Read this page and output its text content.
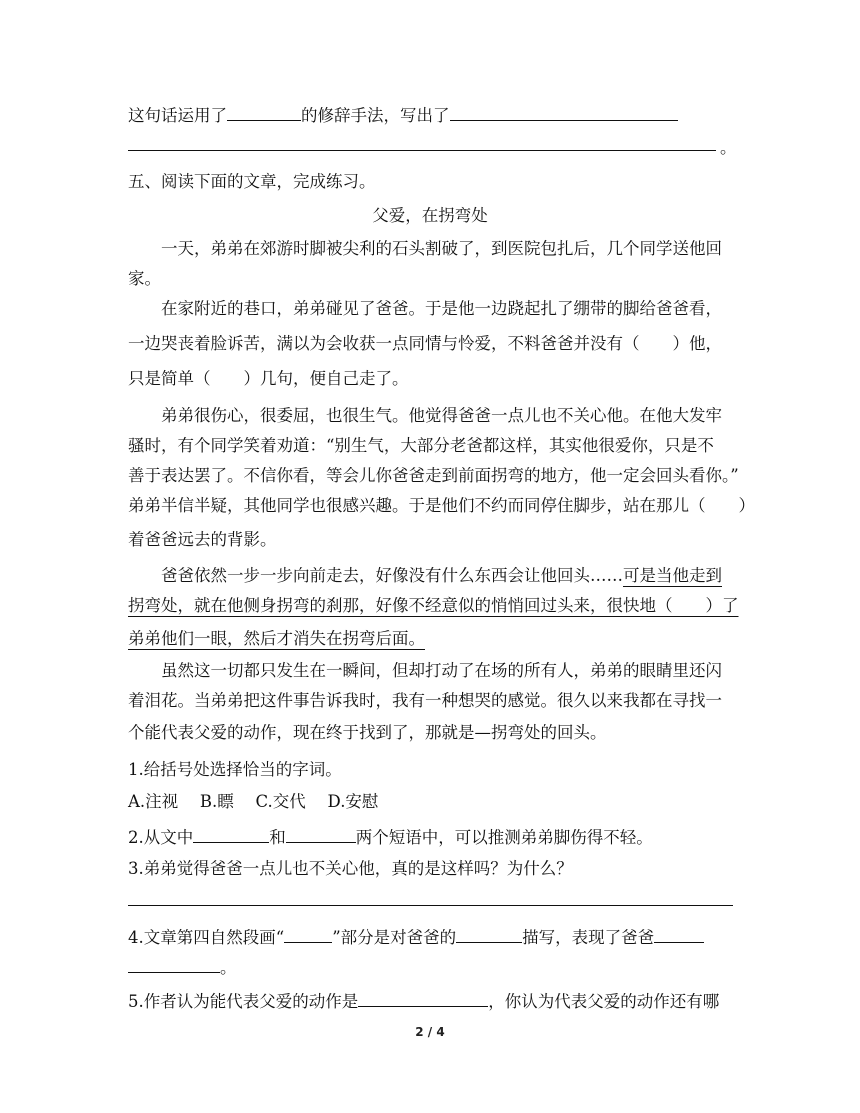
这句话运用了	的修辞手法，写出了
。
五、阅读下面的文章，完成练习。
父爱，在拐弯处
一天，弟弟在郊游时脚被尖利的石头割破了，到医院包扎后，几个同学送他回
家。
在家附近的巷口，弟弟碰见了爸爸。于是他一边跷起扎了绷带的脚给爸爸看，
一边哭丧着脸诉苦，满以为会收获一点同情与怜爱，不料爸爸并没有（　　）他，
只是简单（　　）几句，便自己走了。
弟弟很伤心，很委屈，也很生气。他觉得爸爸一点儿也不关心他。在他大发牢
骚时，有个同学笑着劝道：“别生气，大部分老爸都这样，其实他很爱你，只是不
善于表达罢了。不信你看，等会儿你爸爸走到前面拐弯的地方，他一定会回头看你。”
弟弟半信半疑，其他同学也很感兴趣。于是他们不约而同停住脚步，站在那儿（　　）
着爸爸远去的背影。
爸爸依然一步一步向前走去，好像没有什么东西会让他回头……可是当他走到
拐弯处，就在他侧身拐弯的刹那，好像不经意似的悄悄回过头来，很快地（　　）了
弟弟他们一眼，然后才消失在拐弯后面。
虽然这一切都只发生在一瞬间，但却打动了在场的所有人，弟弟的眼睛里还闪
着泪花。当弟弟把这件事告诉我时，我有一种想哭的感觉。很久以来我都在寻找一
个能代表父爱的动作，现在终于找到了，那就是—拐弯处的回头。
1.给括号处选择恰当的字词。
A.注视　 B.瞟　 C.交代　 D.安慰
2.从文中	和	两个短语中，可以推测弟弟脚伤得不轻。
3.弟弟觉得爸爸一点儿也不关心他，真的是这样吗？为什么？
4.文章第四自然段画“	”部分是对爸爸的	描写，表现了爸爸
。
5.作者认为能代表父爱的动作是	，你认为代表父爱的动作还有哪
2 / 4
